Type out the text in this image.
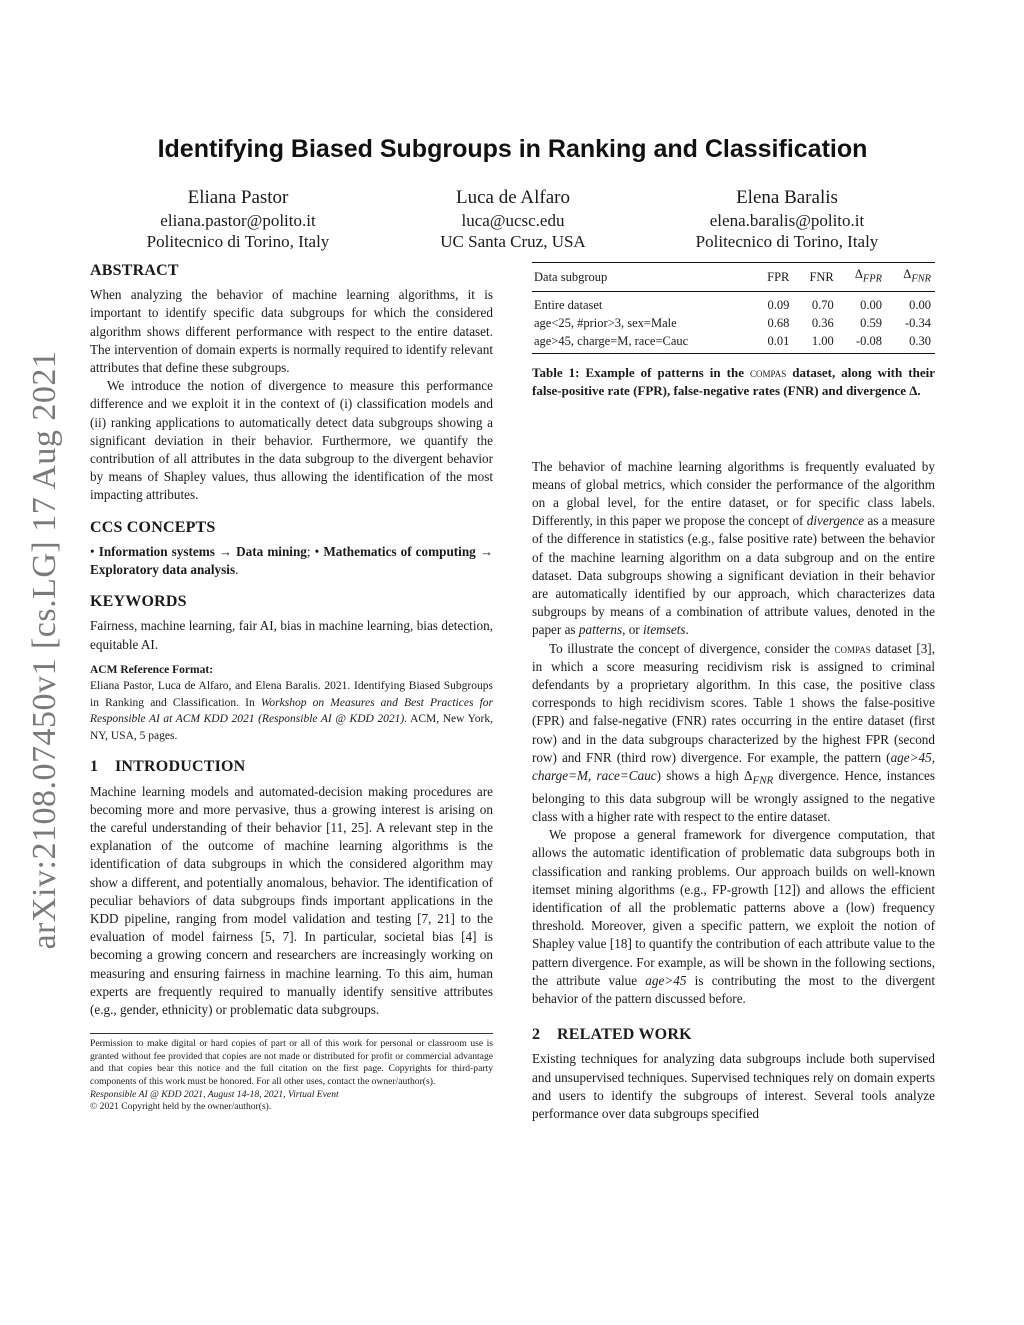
arXiv:2108.07450v1 [cs.LG] 17 Aug 2021
Identifying Biased Subgroups in Ranking and Classification
Eliana Pastor
eliana.pastor@polito.it
Politecnico di Torino, Italy
Luca de Alfaro
luca@ucsc.edu
UC Santa Cruz, USA
Elena Baralis
elena.baralis@polito.it
Politecnico di Torino, Italy
ABSTRACT

When analyzing the behavior of machine learning algorithms, it is important to identify specific data subgroups for which the considered algorithm shows different performance with respect to the entire dataset. The intervention of domain experts is normally required to identify relevant attributes that define these subgroups.

We introduce the notion of divergence to measure this performance difference and we exploit it in the context of (i) classification models and (ii) ranking applications to automatically detect data subgroups showing a significant deviation in their behavior. Furthermore, we quantify the contribution of all attributes in the data subgroup to the divergent behavior by means of Shapley values, thus allowing the identification of the most impacting attributes.

CCS CONCEPTS

• Information systems → Data mining; • Mathematics of computing → Exploratory data analysis.

KEYWORDS

Fairness, machine learning, fair AI, bias in machine learning, bias detection, equitable AI.

ACM Reference Format:

Eliana Pastor, Luca de Alfaro, and Elena Baralis. 2021. Identifying Biased Subgroups in Ranking and Classification. In Workshop on Measures and Best Practices for Responsible AI at ACM KDD 2021 (Responsible AI @ KDD 2021). ACM, New York, NY, USA, 5 pages.

1    INTRODUCTION

Machine learning models and automated-decision making procedures are becoming more and more pervasive, thus a growing interest is arising on the careful understanding of their behavior [11, 25]. A relevant step in the explanation of the outcome of machine learning algorithms is the identification of data subgroups in which the considered algorithm may show a different, and potentially anomalous, behavior. The identification of peculiar behaviors of data subgroups finds important applications in the KDD pipeline, ranging from model validation and testing [7, 21] to the evaluation of model fairness [5, 7]. In particular, societal bias [4] is becoming a growing concern and researchers are increasingly working on measuring and ensuring fairness in machine learning. To this aim, human experts are frequently required to manually identify sensitive attributes (e.g., gender, ethnicity) or problematic data subgroups.

Permission to make digital or hard copies of part or all of this work for personal or classroom use is granted without fee provided that copies are not made or distributed for profit or commercial advantage and that copies bear this notice and the full citation on the first page. Copyrights for third-party components of this work must be honored. For all other uses, contact the owner/author(s).

Responsible AI @ KDD 2021, August 14-18, 2021, Virtual Event

© 2021 Copyright held by the owner/author(s).

Data subgroup	FPR	FNR	$\Delta_{FPR}$	$\Delta_{FNR}$
Entire dataset	0.09	0.70	0.00	0.00
age<25, #prior>3, sex=Male	0.68	0.36	0.59	-0.34
age>45, charge=M, race=Cauc	0.01	1.00	-0.08	0.30

Table 1: Example of patterns in the compas dataset, along with their false-positive rate (FPR), false-negative rates (FNR) and divergence Δ.

The behavior of machine learning algorithms is frequently evaluated by means of global metrics, which consider the performance of the algorithm on a global level, for the entire dataset, or for specific class labels. Differently, in this paper we propose the concept of divergence as a measure of the difference in statistics (e.g., false positive rate) between the behavior of the machine learning algorithm on a data subgroup and on the entire dataset. Data subgroups showing a significant deviation in their behavior are automatically identified by our approach, which characterizes data subgroups by means of a combination of attribute values, denoted in the paper as patterns, or itemsets.

To illustrate the concept of divergence, consider the compas dataset [3], in which a score measuring recidivism risk is assigned to criminal defendants by a proprietary algorithm. In this case, the positive class corresponds to high recidivism scores. Table 1 shows the false-positive (FPR) and false-negative (FNR) rates occurring in the entire dataset (first row) and in the data subgroups characterized by the highest FPR (second row) and FNR (third row) divergence. For example, the pattern (age>45, charge=M, race=Cauc) shows a high $\Delta_{FNR}$ divergence. Hence, instances belonging to this data subgroup will be wrongly assigned to the negative class with a higher rate with respect to the entire dataset.

We propose a general framework for divergence computation, that allows the automatic identification of problematic data subgroups both in classification and ranking problems. Our approach builds on well-known itemset mining algorithms (e.g., FP-growth [12]) and allows the efficient identification of all the problematic patterns above a (low) frequency threshold. Moreover, given a specific pattern, we exploit the notion of Shapley value [18] to quantify the contribution of each attribute value to the pattern divergence. For example, as will be shown in the following sections, the attribute value age>45 is contributing the most to the divergent behavior of the pattern discussed before.

2    RELATED WORK

Existing techniques for analyzing data subgroups include both supervised and unsupervised techniques. Supervised techniques rely on domain experts and users to identify the subgroups of interest. Several tools analyze performance over data subgroups specified
